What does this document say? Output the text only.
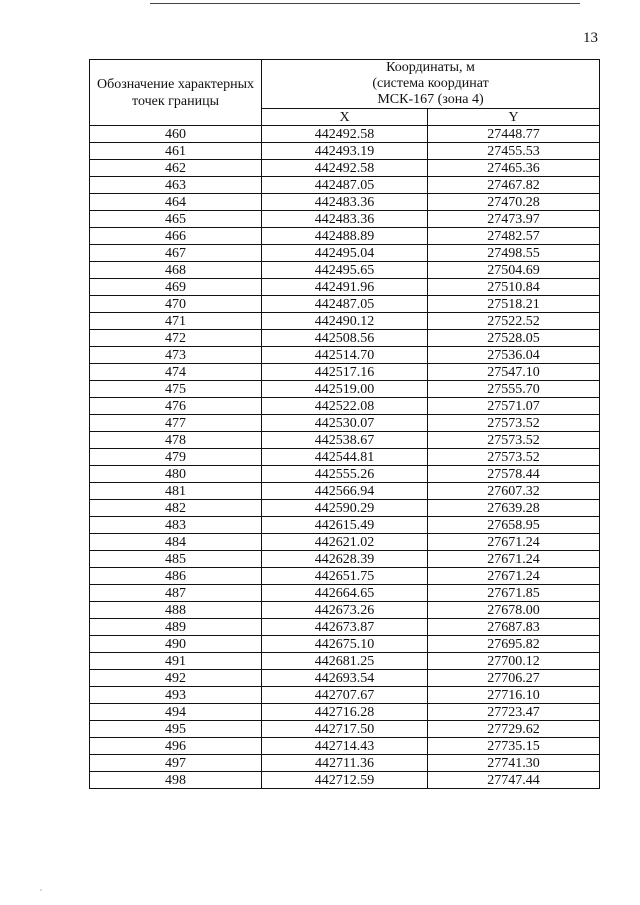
13
Обозначение характерных точек границы	Координаты, м
(система координат
МСК-167 (зона 4)	

	X	Y
460	442492.58	27448.77
461	442493.19	27455.53
462	442492.58	27465.36
463	442487.05	27467.82
464	442483.36	27470.28
465	442483.36	27473.97
466	442488.89	27482.57
467	442495.04	27498.55
468	442495.65	27504.69
469	442491.96	27510.84
470	442487.05	27518.21
471	442490.12	27522.52
472	442508.56	27528.05
473	442514.70	27536.04
474	442517.16	27547.10
475	442519.00	27555.70
476	442522.08	27571.07
477	442530.07	27573.52
478	442538.67	27573.52
479	442544.81	27573.52
480	442555.26	27578.44
481	442566.94	27607.32
482	442590.29	27639.28
483	442615.49	27658.95
484	442621.02	27671.24
485	442628.39	27671.24
486	442651.75	27671.24
487	442664.65	27671.85
488	442673.26	27678.00
489	442673.87	27687.83
490	442675.10	27695.82
491	442681.25	27700.12
492	442693.54	27706.27
493	442707.67	27716.10
494	442716.28	27723.47
495	442717.50	27729.62
496	442714.43	27735.15
497	442711.36	27741.30
498	442712.59	27747.44
